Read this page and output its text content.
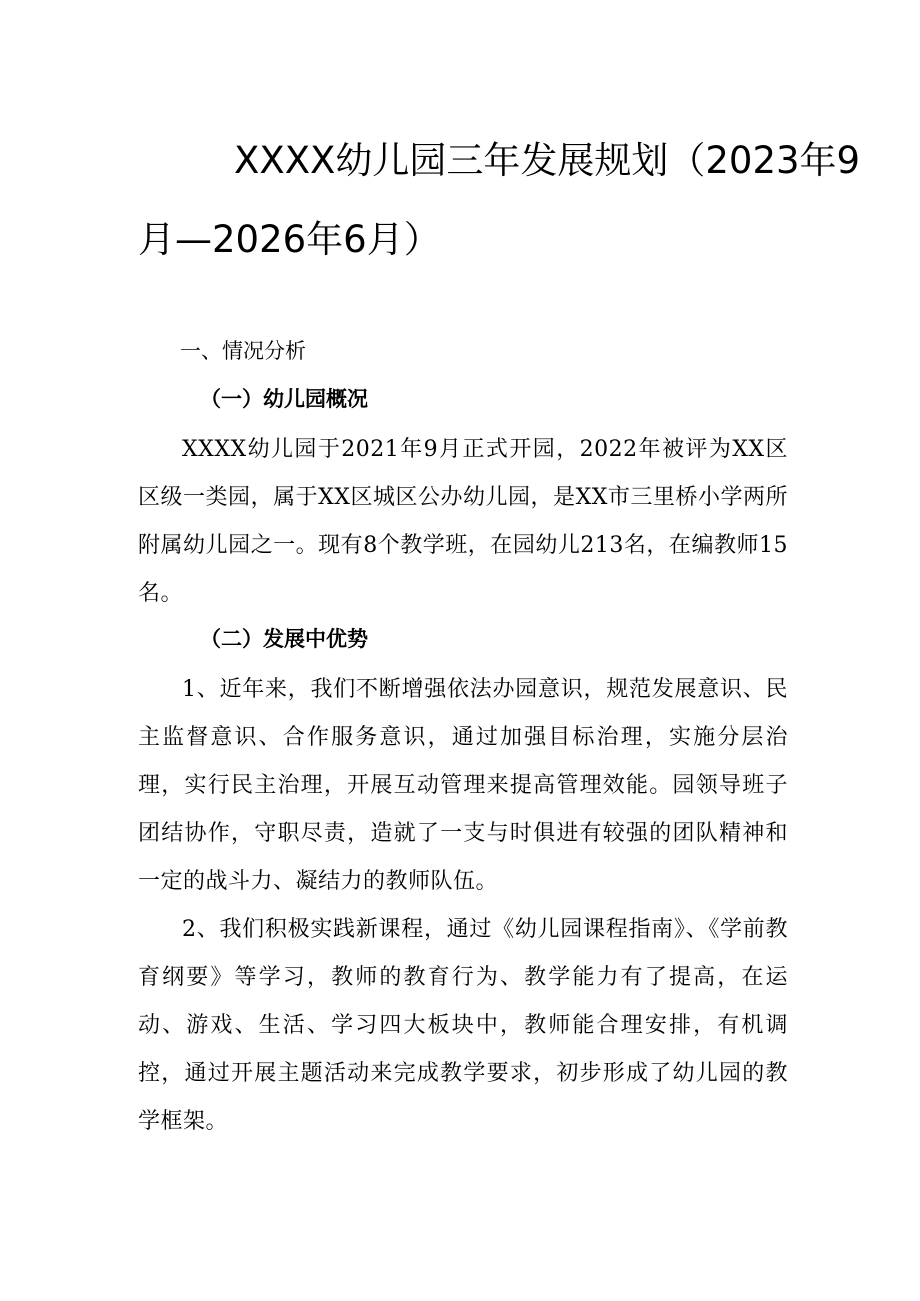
XXXX幼儿园三年发展规划（2023年9
月—2026年6月）
一、情况分析
（一）幼儿园概况

XXXX幼儿园于2021年9月正式开园，2022年被评为XX区区级一类园，属于XX区城区公办幼儿园，是XX市三里桥小学两所附属幼儿园之一。现有8个教学班，在园幼儿213名，在编教师15名。

（二）发展中优势

1、近年来，我们不断增强依法办园意识，规范发展意识、民主监督意识、合作服务意识，通过加强目标治理，实施分层治理，实行民主治理，开展互动管理来提高管理效能。园领导班子团结协作，守职尽责，造就了一支与时俱进有较强的团队精神和一定的战斗力、凝结力的教师队伍。

2、我们积极实践新课程，通过《幼儿园课程指南》、《学前教育纲要》等学习，教师的教育行为、教学能力有了提高，在运动、游戏、生活、学习四大板块中，教师能合理安排，有机调控，通过开展主题活动来完成教学要求，初步形成了幼儿园的教学框架。
